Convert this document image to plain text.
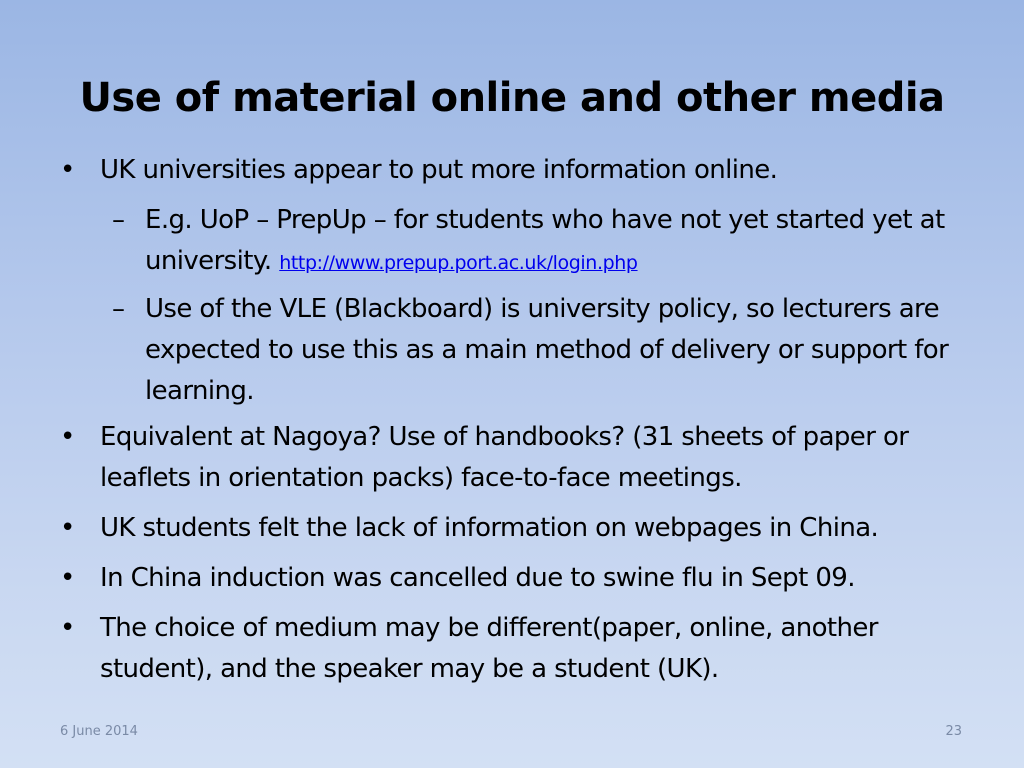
Use of material online and other media
• UK universities appear to put more information online.
– E.g. UoP – PrepUp – for students who have not yet started yet at university. http://www.prepup.port.ac.uk/login.php
– Use of the VLE (Blackboard) is university policy, so lecturers are expected to use this as a main method of delivery or support for learning.
• Equivalent at Nagoya? Use of handbooks? (31 sheets of paper or leaflets in orientation packs) face-to-face meetings.
• UK students felt the lack of information on webpages in China.
• In China induction was cancelled due to swine flu in Sept 09.
• The choice of medium may be different(paper, online, another student), and the speaker may be a student (UK).
6 June 2014	23
